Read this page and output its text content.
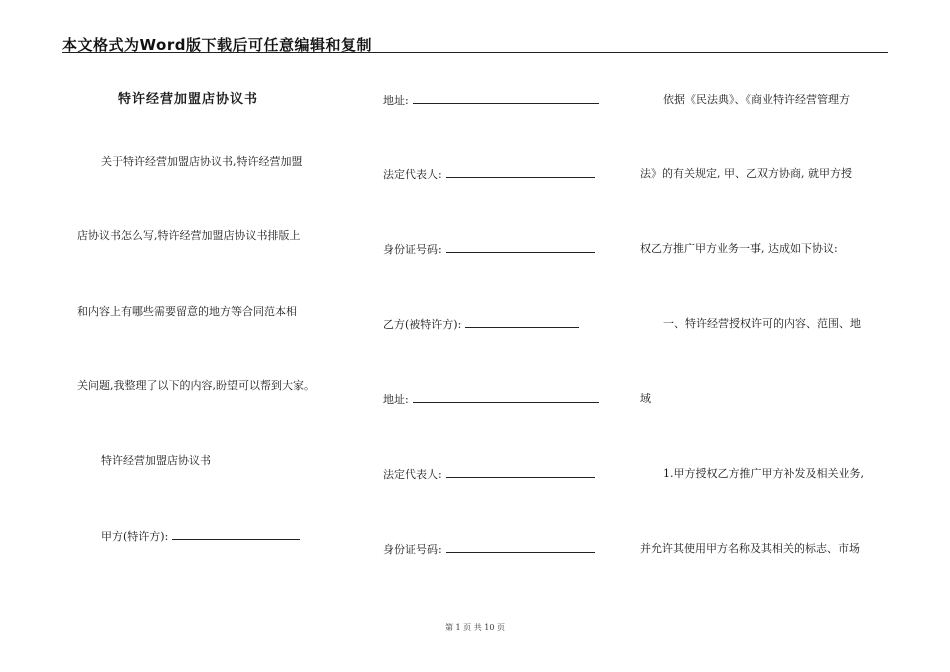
本文格式为Word版下载后可任意编辑和复制
特许经营加盟店协议书
关于特许经营加盟店协议书,特许经营加盟
店协议书怎么写,特许经营加盟店协议书排版上
和内容上有哪些需要留意的地方等合同范本相
关问题,我整理了以下的内容,盼望可以帮到大家。
特许经营加盟店协议书
甲方(特许方):
地址:
法定代表人:
身份证号码:
乙方(被特许方):
地址:
法定代表人:
身份证号码:
依据《民法典》、《商业特许经营管理方
法》的有关规定, 甲、乙双方协商, 就甲方授
权乙方推广甲方业务一事, 达成如下协议:
一、特许经营授权许可的内容、范围、地
域
1.甲方授权乙方推广甲方补发及相关业务,
并允许其使用甲方名称及其相关的标志、市场
第 1 页 共 10 页
